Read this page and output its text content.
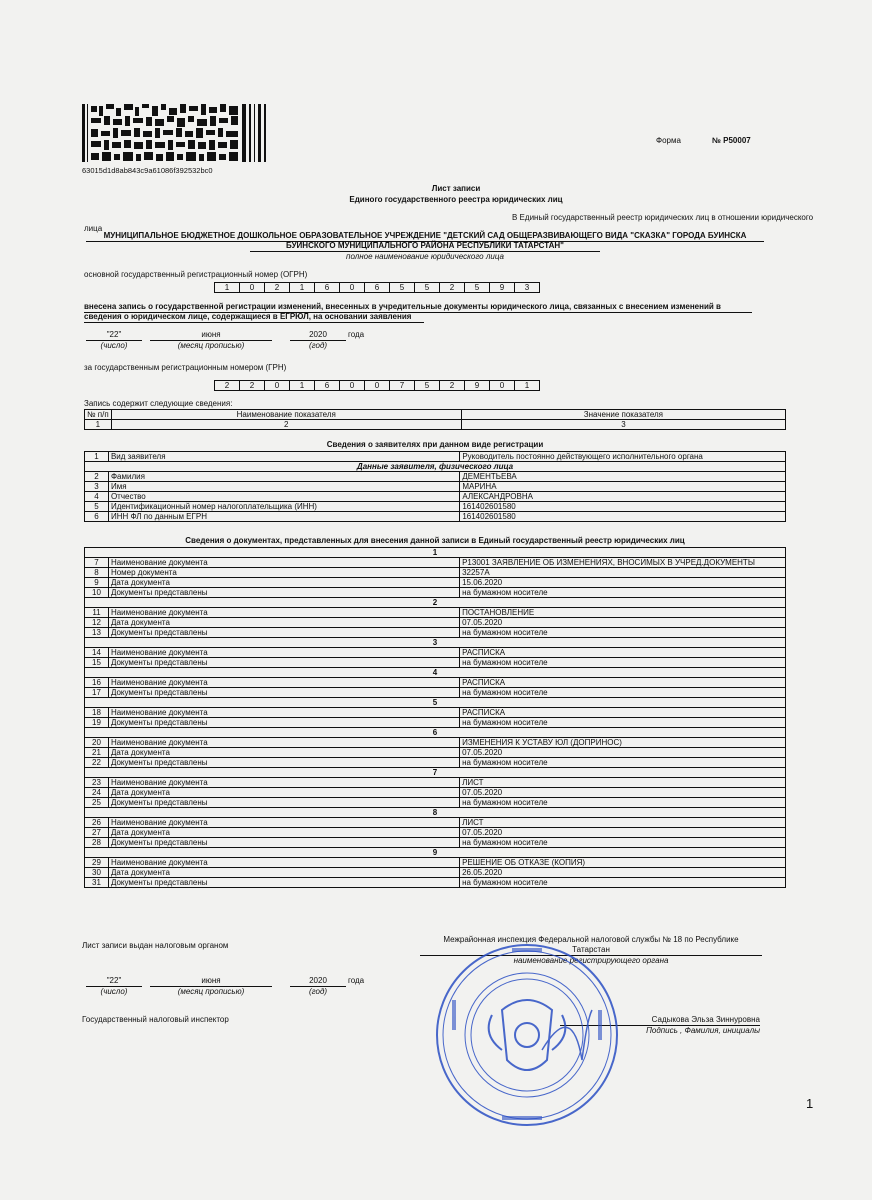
63015d1d8ab843c9a61086f392532bc0
Форма	№ Р50007
Лист записи
Единого государственного реестра юридических лиц
В Единый государственный реестр юридических лиц в отношении юридического
лица
МУНИЦИПАЛЬНОЕ БЮДЖЕТНОЕ ДОШКОЛЬНОЕ ОБРАЗОВАТЕЛЬНОЕ УЧРЕЖДЕНИЕ "ДЕТСКИЙ САД ОБЩЕРАЗВИВАЮЩЕГО ВИДА "СКАЗКА" ГОРОДА БУИНСКА
БУИНСКОГО МУНИЦИПАЛЬНОГО РАЙОНА РЕСПУБЛИКИ ТАТАРСТАН"
полное наименование юридического лица
основной государственный регистрационный номер (ОГРН)
1	0	2	1	6	0	6	5	5	2	5	9	3
внесена запись о государственной регистрации изменений, внесенных в учредительные документы юридического лица, связанных с внесением изменений в
сведения о юридическом лице, содержащиеся в ЕГРЮЛ, на основании заявления
"22"	июня	2020	года
(число)	(месяц прописью)	(год)
за государственным регистрационным номером (ГРН)
2	2	0	1	6	0	0	7	5	2	9	0	1
Запись содержит следующие сведения:
№ п/п	Наименование показателя	Значение показателя
1	2	3
Сведения о заявителях при данном виде регистрации
1	Вид заявителя	Руководитель постоянно действующего исполнительного органа
Данные заявителя, физического лица		
2	Фамилия	ДЕМЕНТЬЕВА
3	Имя	МАРИНА
4	Отчество	АЛЕКСАНДРОВНА
5	Идентификационный номер налогоплательщика (ИНН)	161402601580
6	ИНН ФЛ по данным ЕГРН	161402601580
Сведения о документах, представленных для внесения данной записи в Единый государственный реестр юридических лиц
1		
7	Наименование документа	Р13001 ЗАЯВЛЕНИЕ ОБ ИЗМЕНЕНИЯХ, ВНОСИМЫХ В УЧРЕД.ДОКУМЕНТЫ
8	Номер документа	32257А
9	Дата документа	15.06.2020
10	Документы представлены	на бумажном носителе
2		
11	Наименование документа	ПОСТАНОВЛЕНИЕ
12	Дата документа	07.05.2020
13	Документы представлены	на бумажном носителе
3		
14	Наименование документа	РАСПИСКА
15	Документы представлены	на бумажном носителе
4		
16	Наименование документа	РАСПИСКА
17	Документы представлены	на бумажном носителе
5		
18	Наименование документа	РАСПИСКА
19	Документы представлены	на бумажном носителе
6		
20	Наименование документа	ИЗМЕНЕНИЯ К УСТАВУ ЮЛ (ДОПРИНОС)
21	Дата документа	07.05.2020
22	Документы представлены	на бумажном носителе
7		
23	Наименование документа	ЛИСТ
24	Дата документа	07.05.2020
25	Документы представлены	на бумажном носителе
8		
26	Наименование документа	ЛИСТ
27	Дата документа	07.05.2020
28	Документы представлены	на бумажном носителе
9		
29	Наименование документа	РЕШЕНИЕ ОБ ОТКАЗЕ (КОПИЯ)
30	Дата документа	26.05.2020
31	Документы представлены	на бумажном носителе
Лист записи выдан налоговым органом
Межрайонная инспекция Федеральной налоговой службы № 18 по Республике
Татарстан
наименование регистрирующего органа
"22"	июня	2020	года
(число)	(месяц прописью)	(год)
Государственный налоговый инспектор	Садыкова Эльза Зиннуровна
Подпись , Фамилия, инициалы
1
